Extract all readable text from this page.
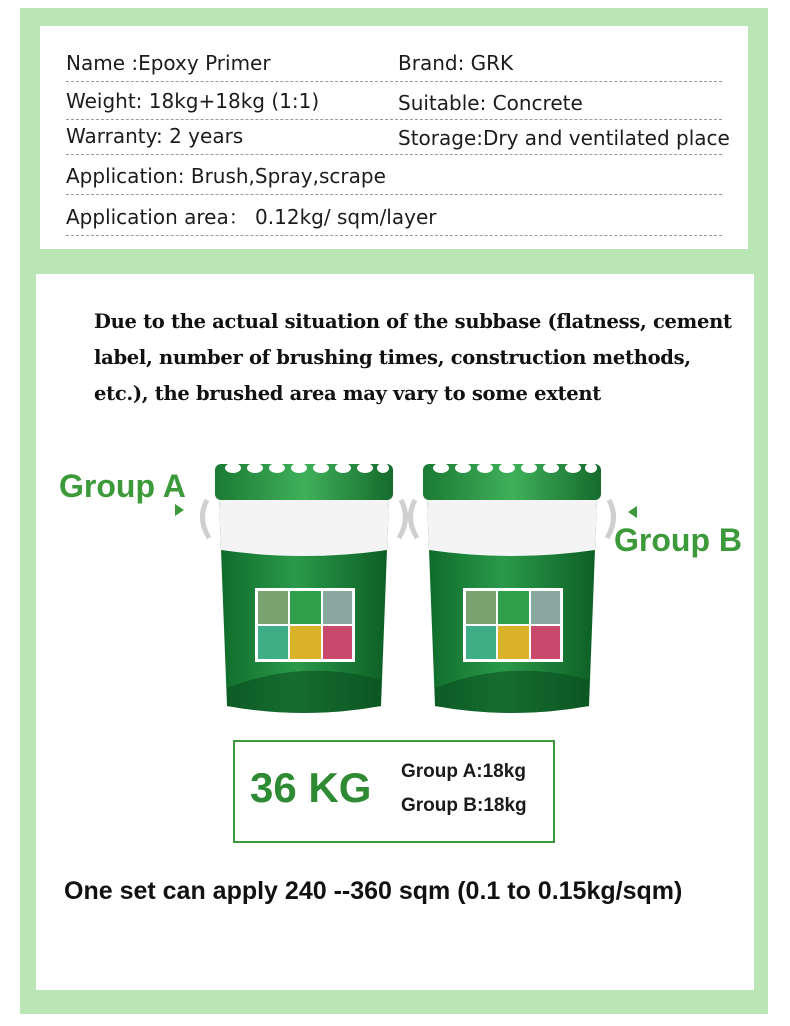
Name :Epoxy Primer	Brand: GRK
Weight: 18kg+18kg (1:1)	Suitable: Concrete
Warranty: 2 years	Storage:Dry and ventilated place
Application: Brush,Spray,scrape
Application area： 0.12kg/ sqm/layer
Due to the actual situation of the subbase (flatness, cement label, number of brushing times, construction methods, etc.), the brushed area may vary to some extent
Group A
Group B
36 KG Group A:18kg
Group B:18kg
One set can apply 240 --360 sqm (0.1 to 0.15kg/sqm)
